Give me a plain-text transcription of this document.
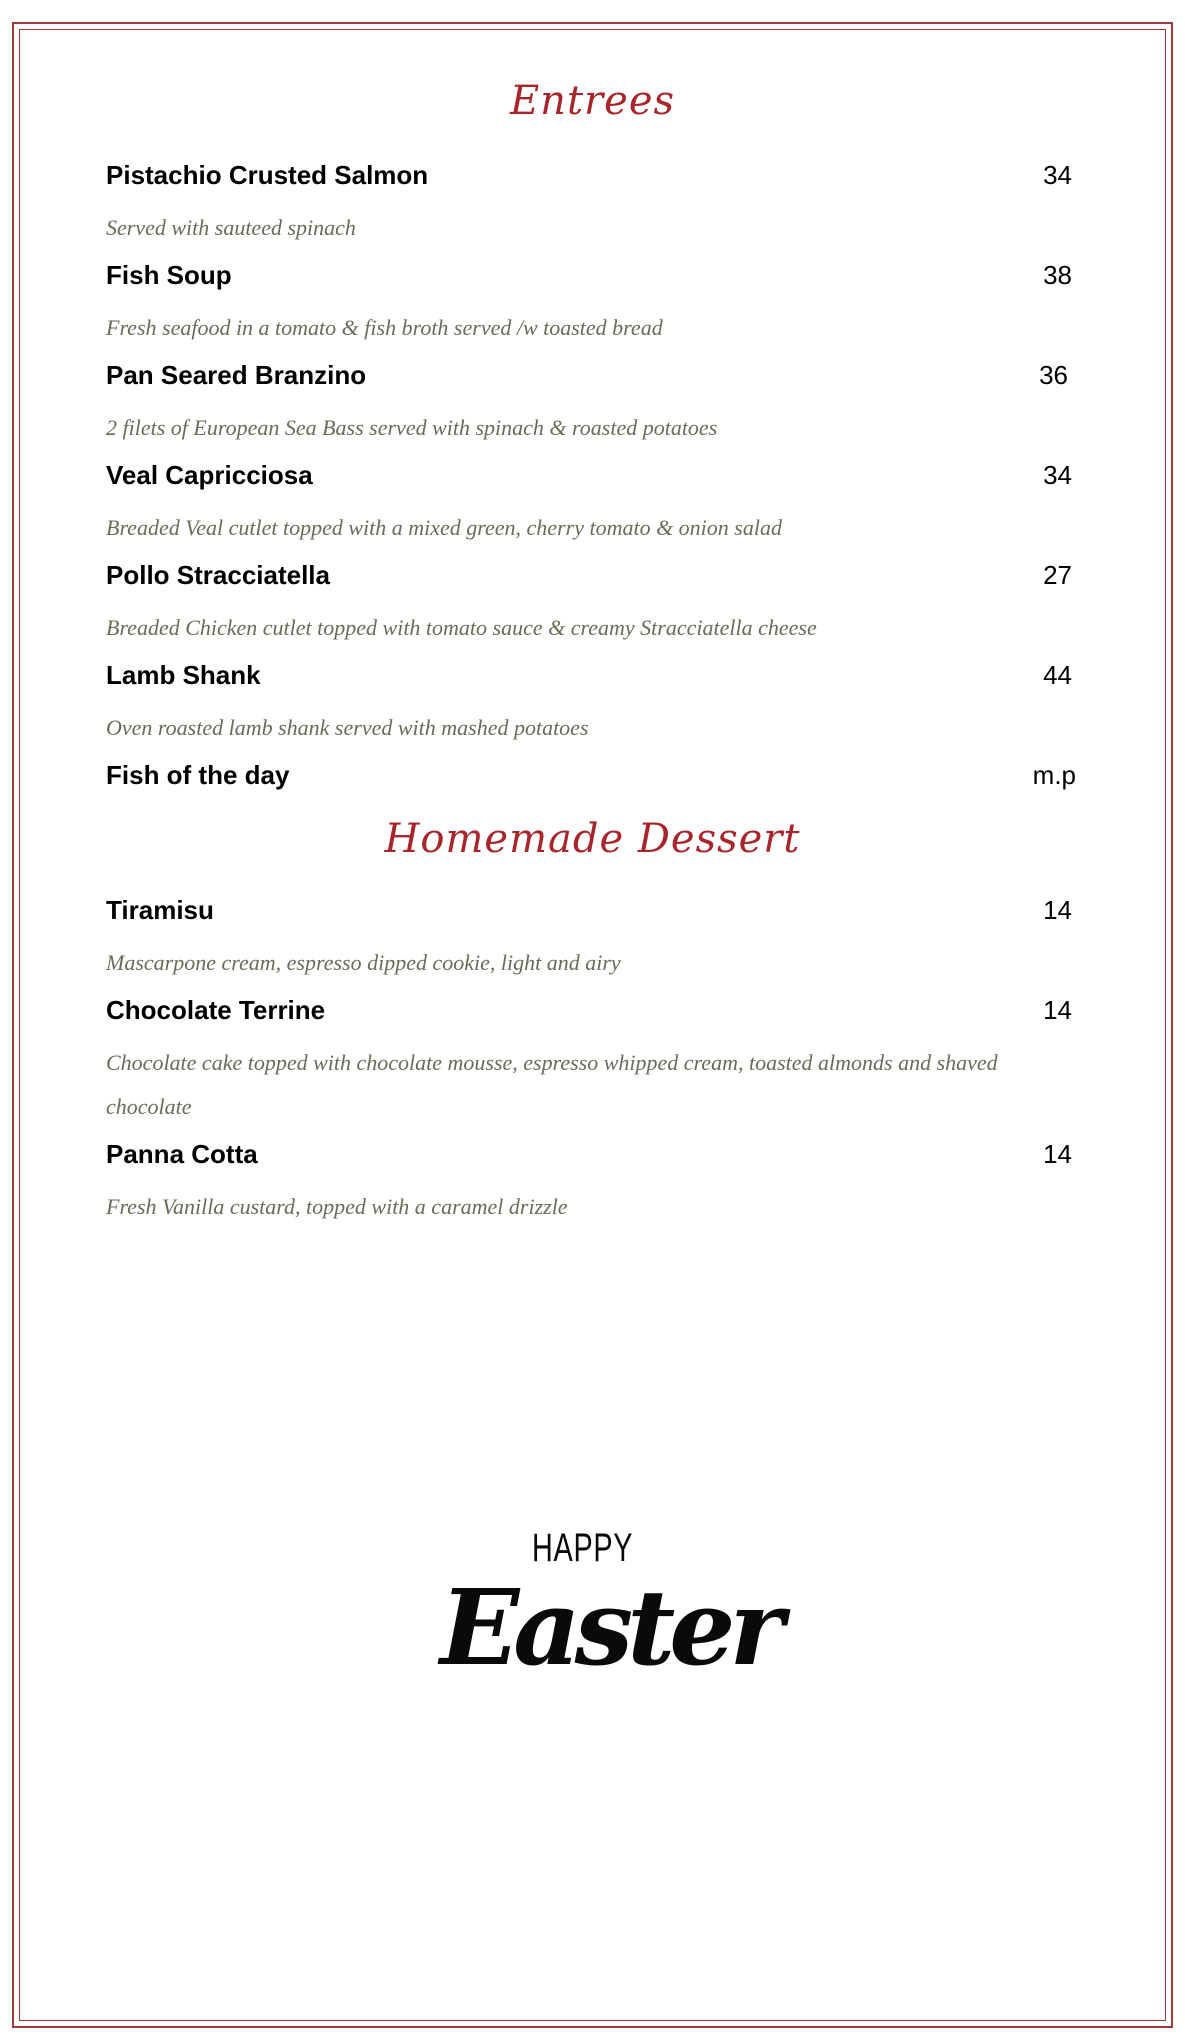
Entrees
Pistachio Crusted Salmon	34
Served with sauteed spinach
Fish Soup	38
Fresh seafood in a tomato & fish broth served /w toasted bread
Pan Seared Branzino	36
2 filets of European Sea Bass served with spinach & roasted potatoes
Veal Capricciosa	34
Breaded Veal cutlet topped with a mixed green, cherry tomato & onion salad
Pollo Stracciatella	27
Breaded Chicken cutlet topped with tomato sauce & creamy Stracciatella cheese
Lamb Shank	44
Oven roasted lamb shank served with mashed potatoes
Fish of the day	m.p
Homemade Dessert
Tiramisu	14
Mascarpone cream, espresso dipped cookie, light and airy
Chocolate Terrine	14
Chocolate cake topped with chocolate mousse, espresso whipped cream, toasted almonds and shaved chocolate
Panna Cotta	14
Fresh Vanilla custard, topped with a caramel drizzle
HAPPY
Easter
